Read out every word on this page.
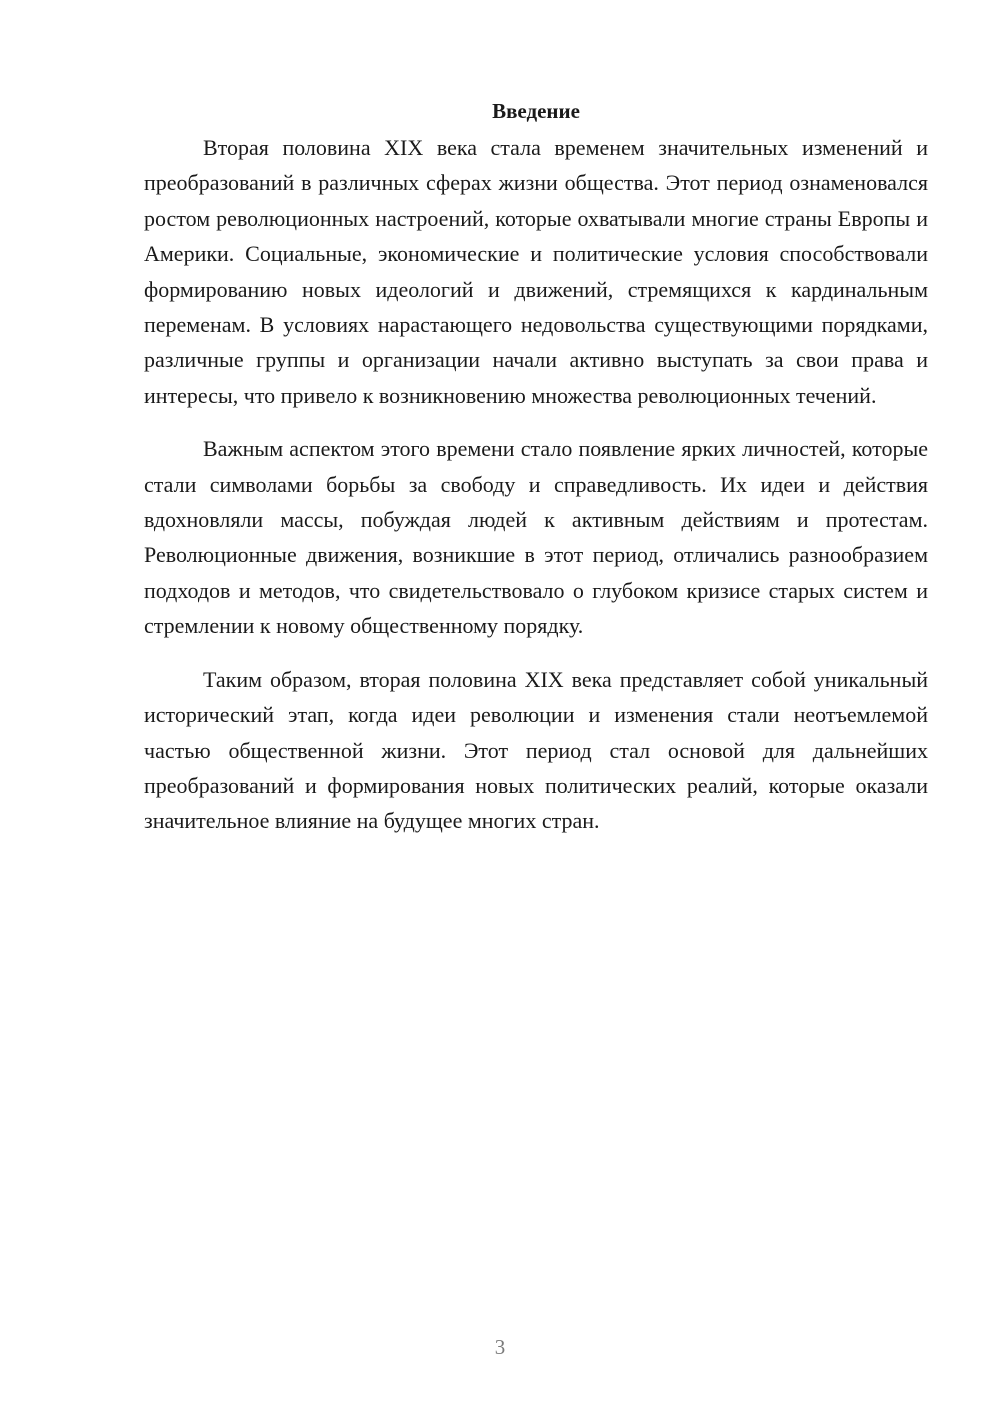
Введение

Вторая половина XIX века стала временем значительных изменений и преобразований в различных сферах жизни общества. Этот период ознаменовался ростом революционных настроений, которые охватывали многие страны Европы и Америки. Социальные, экономические и политические условия способствовали формированию новых идеологий и движений, стремящихся к кардинальным переменам. В условиях нарастающего недовольства существующими порядками, различные группы и организации начали активно выступать за свои права и интересы, что привело к возникновению множества революционных течений.

Важным аспектом этого времени стало появление ярких личностей, которые стали символами борьбы за свободу и справедливость. Их идеи и действия вдохновляли массы, побуждая людей к активным действиям и протестам. Революционные движения, возникшие в этот период, отличались разнообразием подходов и методов, что свидетельствовало о глубоком кризисе старых систем и стремлении к новому общественному порядку.

Таким образом, вторая половина XIX века представляет собой уникальный исторический этап, когда идеи революции и изменения стали неотъемлемой частью общественной жизни. Этот период стал основой для дальнейших преобразований и формирования новых политических реалий, которые оказали значительное влияние на будущее многих стран.

3
